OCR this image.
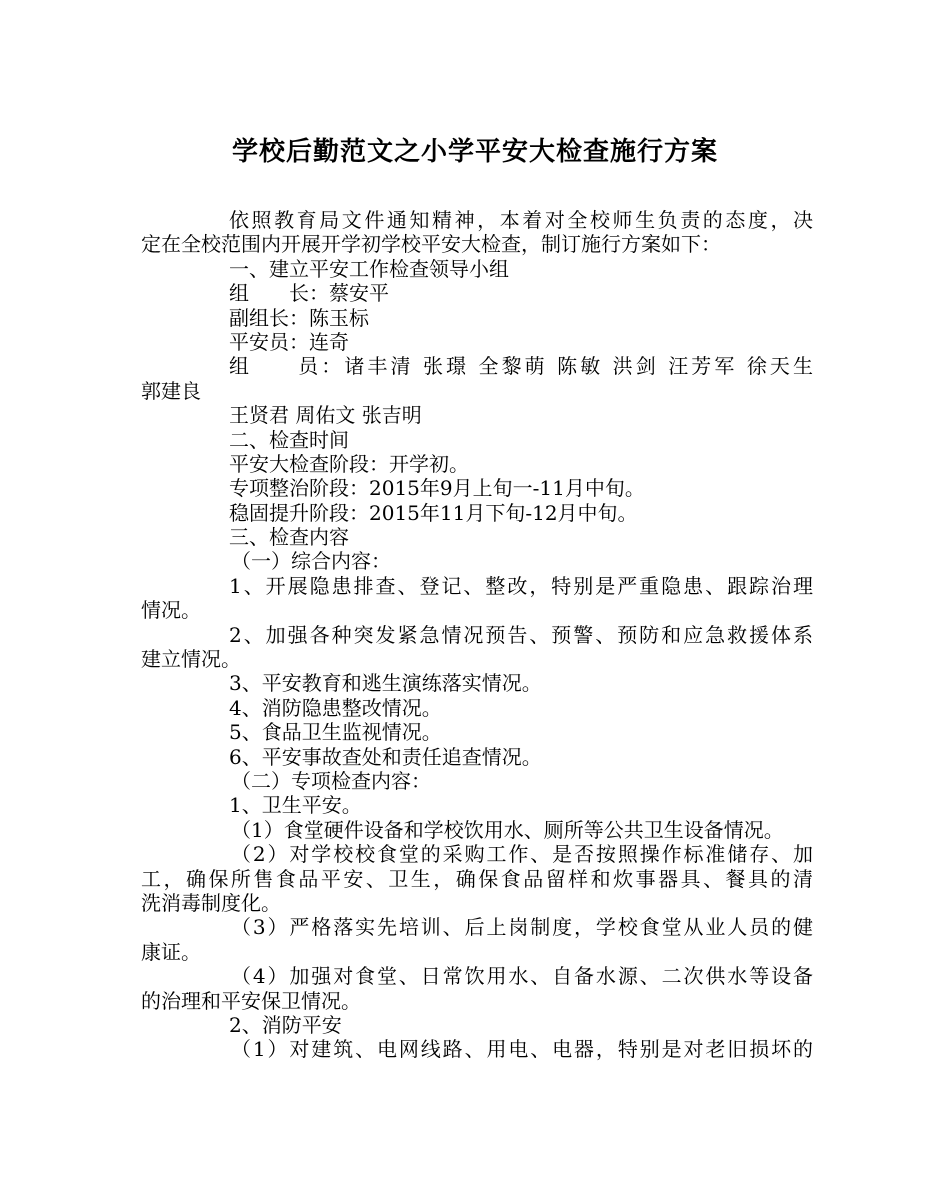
学校后勤范文之小学平安大检查施行方案
依照教育局文件通知精神，本着对全校师生负责的态度，决
定在全校范围内开展开学初学校平安大检查，制订施行方案如下：
一、建立平安工作检查领导小组
组　　长：蔡安平
副组长：陈玉标
平安员：连奇
组　　员：诸丰清 张璟 全黎萌 陈敏 洪剑 汪芳军 徐天生
郭建良
王贤君 周佑文 张吉明
二、检查时间
平安大检查阶段：开学初。
专项整治阶段：2015年9月上旬一-11月中旬。
稳固提升阶段：2015年11月下旬-12月中旬。
三、检查内容
（一）综合内容：
1、开展隐患排查、登记、整改，特别是严重隐患、跟踪治理
情况。
2、加强各种突发紧急情况预告、预警、预防和应急救援体系
建立情况。
3、平安教育和逃生演练落实情况。
4、消防隐患整改情况。
5、食品卫生监视情况。
6、平安事故查处和责任追查情况。
（二）专项检查内容：
1、卫生平安。
（1）食堂硬件设备和学校饮用水、厕所等公共卫生设备情况。
（2）对学校校食堂的采购工作、是否按照操作标准储存、加
工，确保所售食品平安、卫生，确保食品留样和炊事器具、餐具的清
洗消毒制度化。
（3）严格落实先培训、后上岗制度，学校食堂从业人员的健
康证。
（4）加强对食堂、日常饮用水、自备水源、二次供水等设备
的治理和平安保卫情况。
2、消防平安
（1）对建筑、电网线路、用电、电器，特别是对老旧损坏的
